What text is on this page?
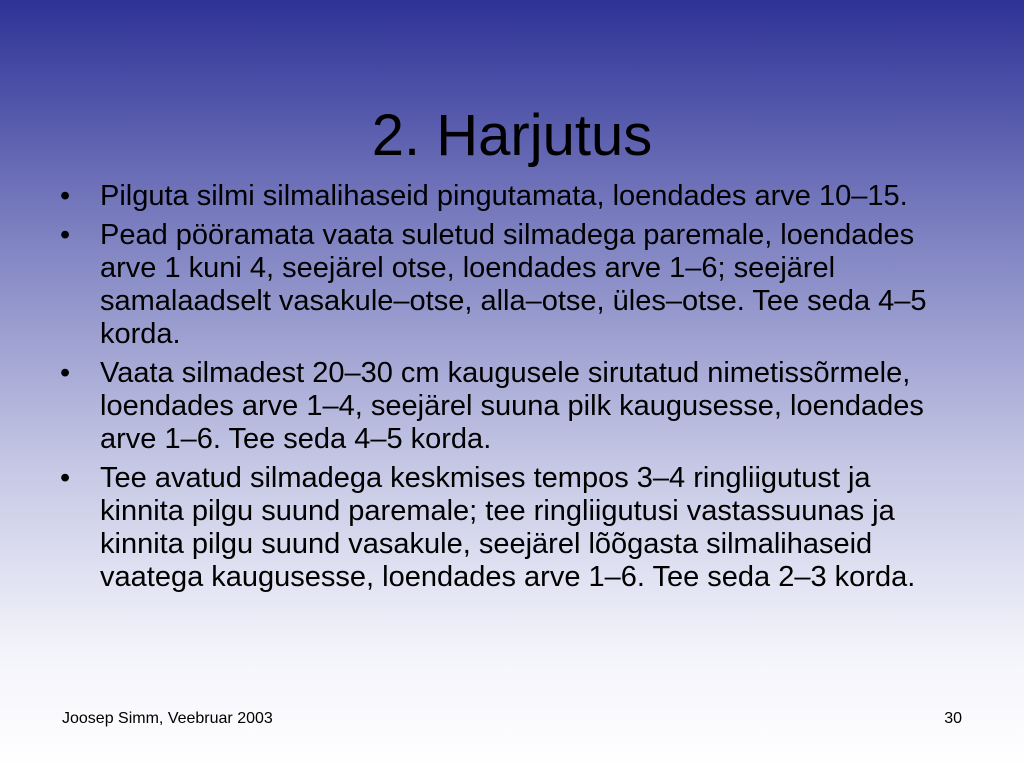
2. Harjutus
•	Pilguta silmi silmalihaseid pingutamata, loendades arve 10–15.
•	Pead pööramata vaata suletud silmadega paremale, loendades arve 1 kuni 4, seejärel otse, loendades arve 1–6; seejärel samalaadselt vasakule–otse, alla–otse, üles–otse. Tee seda 4–5 korda.
•	Vaata silmadest 20–30 cm kaugusele sirutatud nimetissõrmele, loendades arve 1–4, seejärel suuna pilk kaugusesse, loendades arve 1–6. Tee seda 4–5 korda.
•	Tee avatud silmadega keskmises tempos 3–4 ringliigutust ja kinnita pilgu suund paremale; tee ringliigutusi vastassuunas ja kinnita pilgu suund vasakule, seejärel lõõgasta silmalihaseid vaatega kaugusesse, loendades arve 1–6. Tee seda 2–3 korda.
Joosep Simm, Veebruar 2003	30
